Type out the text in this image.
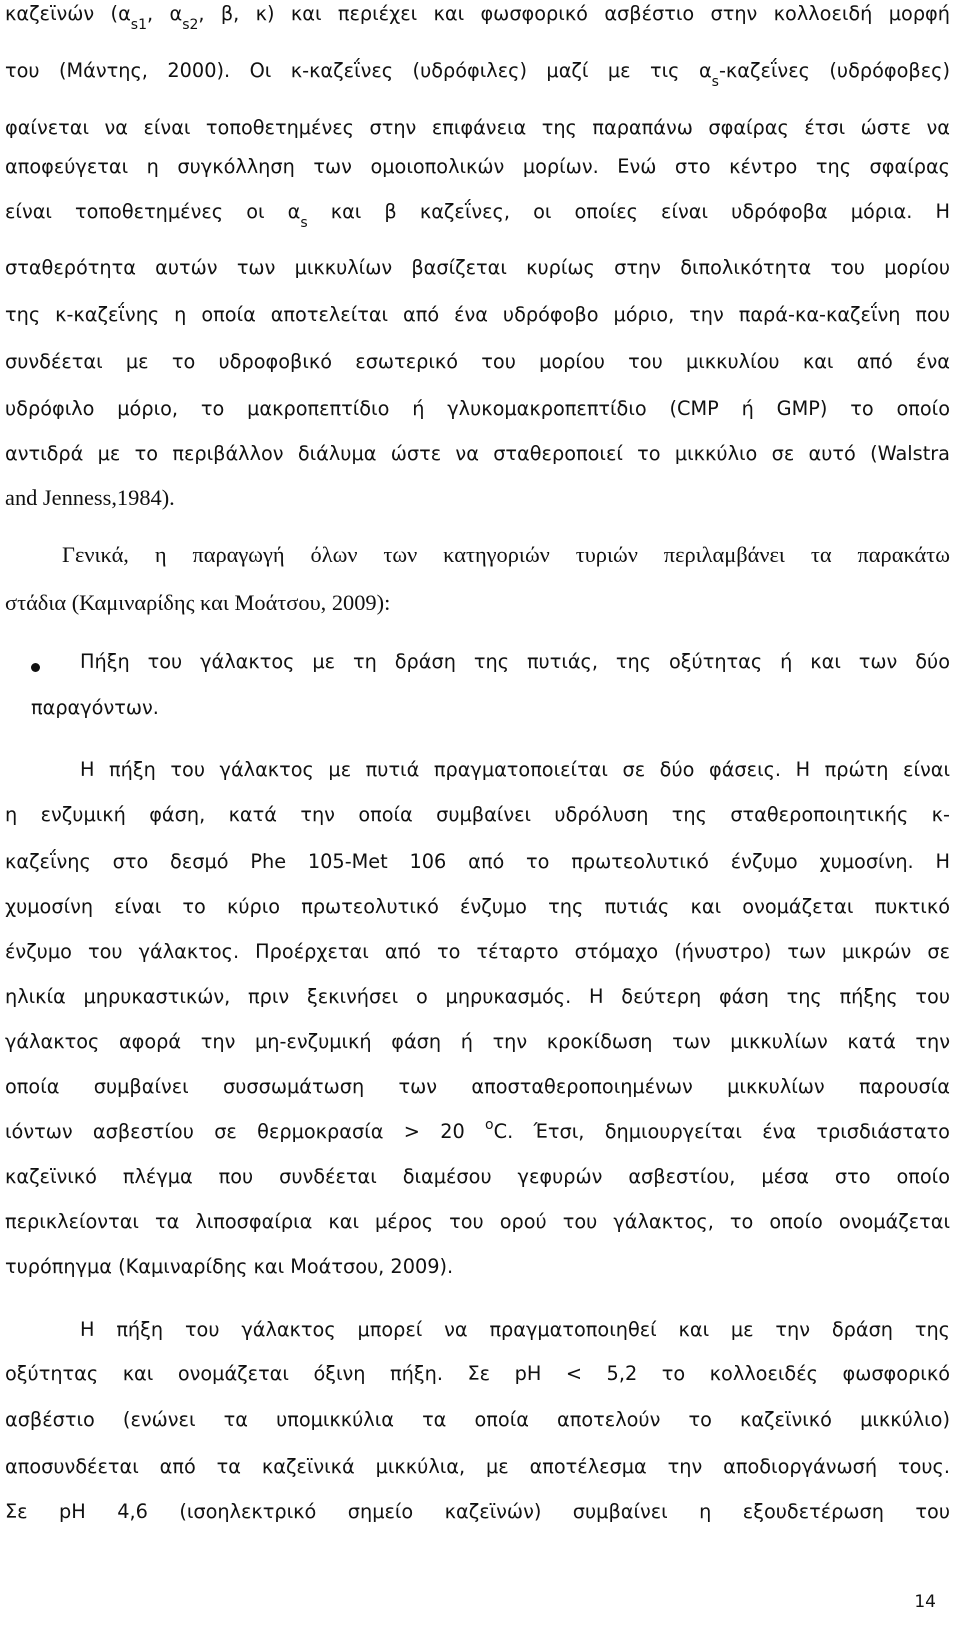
καζεϊνών ($\alpha_{s1}$, $\alpha_{s2}$, β, κ) και περιέχει και φωσφορικό ασβέστιο στην κολλοειδή μορφή
του (Μάντης, 2000). Οι κ-καζεΐνες (υδρόφιλες) μαζί με τις $\alpha_s$-καζεΐνες (υδρόφοβες)
φαίνεται να είναι τοποθετημένες στην επιφάνεια της παραπάνω σφαίρας έτσι ώστε να
αποφεύγεται η συγκόλληση των ομοιοπολικών μορίων. Ενώ στο κέντρο της σφαίρας
είναι τοποθετημένες οι $\alpha_s$ και β καζεΐνες, οι οποίες είναι υδρόφοβα μόρια. Η
σταθερότητα αυτών των μικκυλίων βασίζεται κυρίως στην διπολικότητα του μορίου
της κ-καζεΐνης η οποία αποτελείται από ένα υδρόφοβο μόριο, την παρά-κα-καζεΐνη που
συνδέεται με το υδροφοβικό εσωτερικό του μορίου του μικκυλίου και από ένα
υδρόφιλο μόριο, το μακροπεπτίδιο ή γλυκομακροπεπτίδιο (CMP ή GMP) το οποίο
αντιδρά με το περιβάλλον διάλυμα ώστε να σταθεροποιεί το μικκύλιο σε αυτό (Walstra
and Jenness,1984).
Γενικά, η παραγωγή όλων των κατηγοριών τυριών περιλαμβάνει τα παρακάτω
στάδια (Καμιναρίδης και Μοάτσου, 2009):
Πήξη του γάλακτος με τη δράση της πυτιάς, της οξύτητας ή και των δύο
παραγόντων.
Η πήξη του γάλακτος με πυτιά πραγματοποιείται σε δύο φάσεις. Η πρώτη είναι
η ενζυμική φάση, κατά την οποία συμβαίνει υδρόλυση της σταθεροποιητικής κ-
καζεΐνης στο δεσμό Phe 105-Met 106 από το πρωτεολυτικό ένζυμο χυμοσίνη. Η
χυμοσίνη είναι το κύριο πρωτεολυτικό ένζυμο της πυτιάς και ονομάζεται πυκτικό
ένζυμο του γάλακτος. Προέρχεται από το τέταρτο στόμαχο (ήνυστρο) των μικρών σε
ηλικία μηρυκαστικών, πριν ξεκινήσει ο μηρυκασμός. Η δεύτερη φάση της πήξης του
γάλακτος αφορά την μη-ενζυμική φάση ή την κροκίδωση των μικκυλίων κατά την
οποία συμβαίνει συσσωμάτωση των αποσταθεροποιημένων μικκυλίων παρουσία
ιόντων ασβεστίου σε θερμοκρασία > 20 $^o$C. Έτσι, δημιουργείται ένα τρισδιάστατο
καζεϊνικό πλέγμα που συνδέεται διαμέσου γεφυρών ασβεστίου, μέσα στο οποίο
περικλείονται τα λιποσφαίρια και μέρος του ορού του γάλακτος, το οποίο ονομάζεται
τυρόπηγμα (Καμιναρίδης και Μοάτσου, 2009).
Η πήξη του γάλακτος μπορεί να πραγματοποιηθεί και με την δράση της
οξύτητας και ονομάζεται όξινη πήξη. Σε pH < 5,2 το κολλοειδές φωσφορικό
ασβέστιο (ενώνει τα υπομικκύλια τα οποία αποτελούν το καζεϊνικό μικκύλιο)
αποσυνδέεται από τα καζεϊνικά μικκύλια, με αποτέλεσμα την αποδιοργάνωσή τους.
Σε pH 4,6 (ισοηλεκτρικό σημείο καζεϊνών) συμβαίνει η εξουδετέρωση του
14
